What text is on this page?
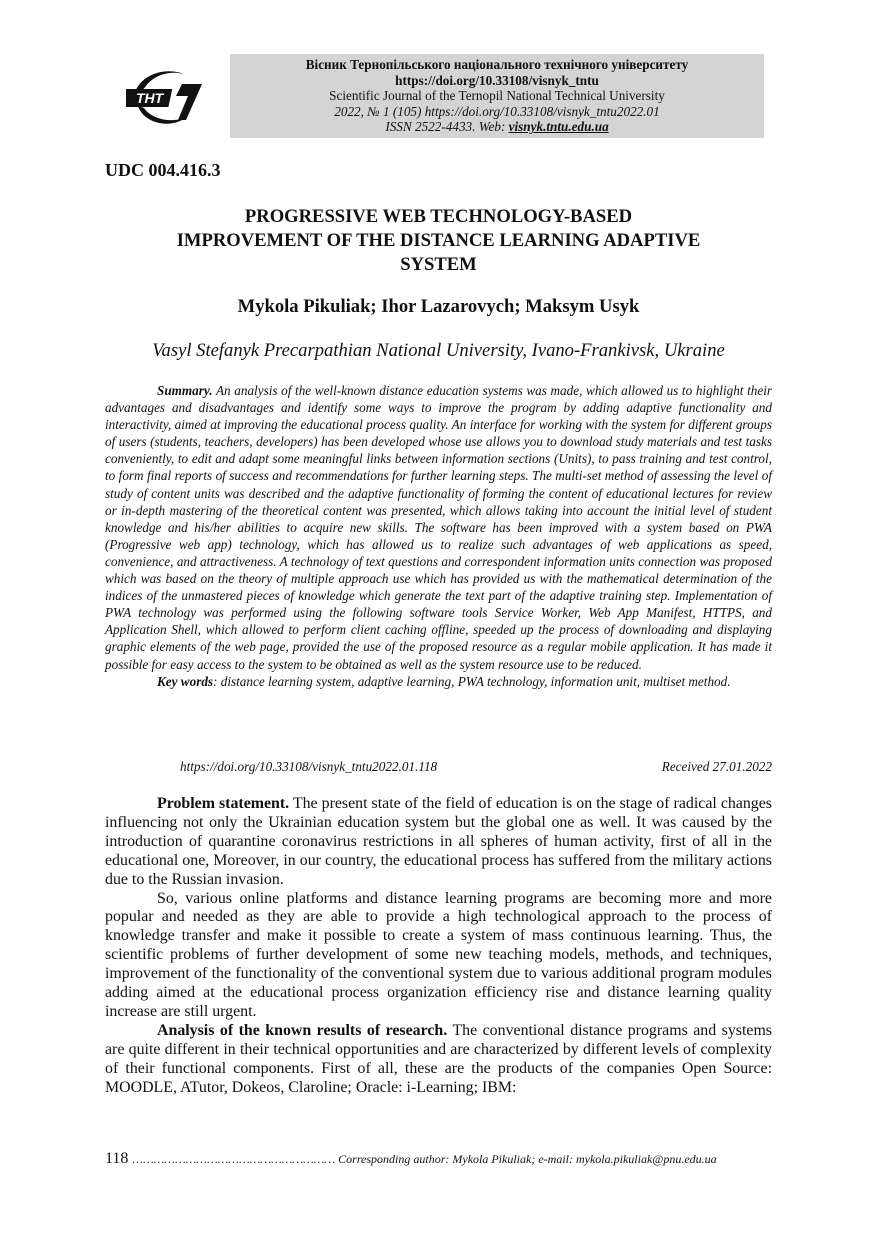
ТНТ
Вісник Тернопільського національного технічного університету
https://doi.org/10.33108/visnyk_tntu
Scientific Journal of the Ternopil National Technical University
2022, № 1 (105) https://doi.org/10.33108/visnyk_tntu2022.01
ISSN 2522-4433. Web: visnyk.tntu.edu.ua
UDC 004.416.3
PROGRESSIVE WEB TECHNOLOGY-BASED
IMPROVEMENT OF THE DISTANCE LEARNING ADAPTIVE
SYSTEM
Mykola Pikuliak; Ihor Lazarovych; Maksym Usyk
Vasyl Stefanyk Precarpathian National University, Ivano-Frankivsk, Ukraine

Summary. An analysis of the well-known distance education systems was made, which allowed us to highlight their advantages and disadvantages and identify some ways to improve the program by adding adaptive functionality and interactivity, aimed at improving the educational process quality. An interface for working with the system for different groups of users (students, teachers, developers) has been developed whose use allows you to download study materials and test tasks conveniently, to edit and adapt some meaningful links between information sections (Units), to pass training and test control, to form final reports of success and recommendations for further learning steps. The multi-set method of assessing the level of study of content units was described and the adaptive functionality of forming the content of educational lectures for review or in-depth mastering of the theoretical content was presented, which allows taking into account the initial level of student knowledge and his/her abilities to acquire new skills. The software has been improved with a system based on PWA (Progressive web app) technology, which has allowed us to realize such advantages of web applications as speed, convenience, and attractiveness. A technology of text questions and correspondent information units connection was proposed which was based on the theory of multiple approach use which has provided us with the mathematical determination of the indices of the unmastered pieces of knowledge which generate the text part of the adaptive training step. Implementation of PWA technology was performed using the following software tools Service Worker, Web App Manifest, HTTPS, and Application Shell, which allowed to perform client caching offline, speeded up the process of downloading and displaying graphic elements of the web page, provided the use of the proposed resource as a regular mobile application. It has made it possible for easy access to the system to be obtained as well as the system resource use to be reduced.

Key words: distance learning system, adaptive learning, PWA technology, information unit, multiset method.

https://doi.org/10.33108/visnyk_tntu2022.01.118	Received 27.01.2022

Problem statement. The present state of the field of education is on the stage of radical changes influencing not only the Ukrainian education system but the global one as well. It was caused by the introduction of quarantine coronavirus restrictions in all spheres of human activity, first of all in the educational one, Moreover, in our country, the educational process has suffered from the military actions due to the Russian invasion.

So, various online platforms and distance learning programs are becoming more and more popular and needed as they are able to provide a high technological approach to the process of knowledge transfer and make it possible to create a system of mass continuous learning. Thus, the scientific problems of further development of some new teaching models, methods, and techniques, improvement of the functionality of the conventional system due to various additional program modules adding aimed at the educational process organization efficiency rise and distance learning quality increase are still urgent.

Analysis of the known results of research. The conventional distance programs and systems are quite different in their technical opportunities and are characterized by different levels of complexity of their functional components. First of all, these are the products of the companies Open Source: MOODLE, ATutor, Dokeos, Claroline; Oracle: i-Learning; IBM:

118 ………………………………………………… Corresponding author: Mykola Pikuliak; e-mail: mykola.pikuliak@pnu.edu.ua
